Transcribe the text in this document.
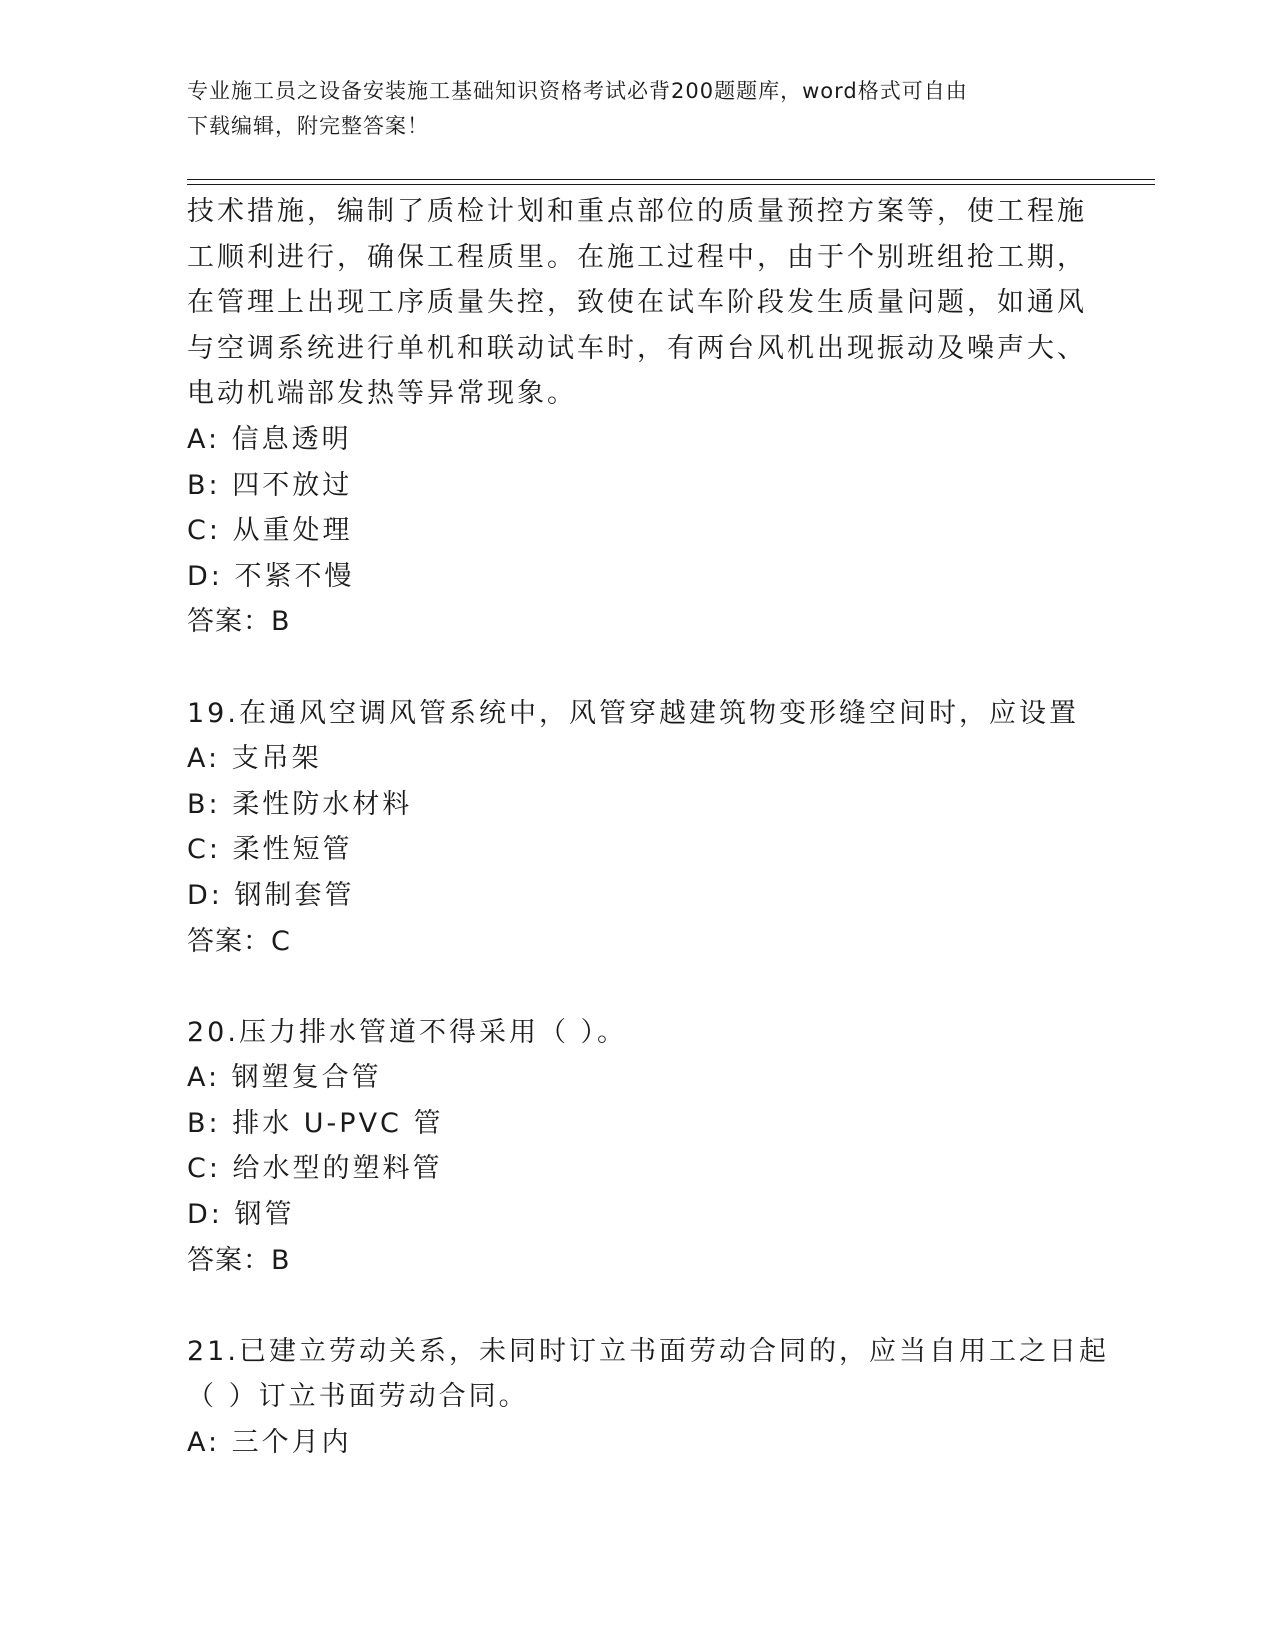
专业施工员之设备安装施工基础知识资格考试必背200题题库，word格式可自由
下载编辑，附完整答案！
技术措施，编制了质检计划和重点部位的质量预控方案等，使工程施
工顺利进行，确保工程质里。在施工过程中，由于个别班组抢工期，
在管理上出现工序质量失控，致使在试车阶段发生质量问题，如通风
与空调系统进行单机和联动试车时，有两台风机出现振动及噪声大、
电动机端部发热等异常现象。
A: 信息透明
B: 四不放过
C: 从重处理
D: 不紧不慢
答案：B
19.在通风空调风管系统中，风管穿越建筑物变形缝空间时，应设置
A: 支吊架
B: 柔性防水材料
C: 柔性短管
D: 钢制套管
答案：C
20.压力排水管道不得采用（ ）。
A: 钢塑复合管
B: 排水 U-PVC 管
C: 给水型的塑料管
D: 钢管
答案：B
21.已建立劳动关系，未同时订立书面劳动合同的，应当自用工之日起
（ ）订立书面劳动合同。
A: 三个月内
